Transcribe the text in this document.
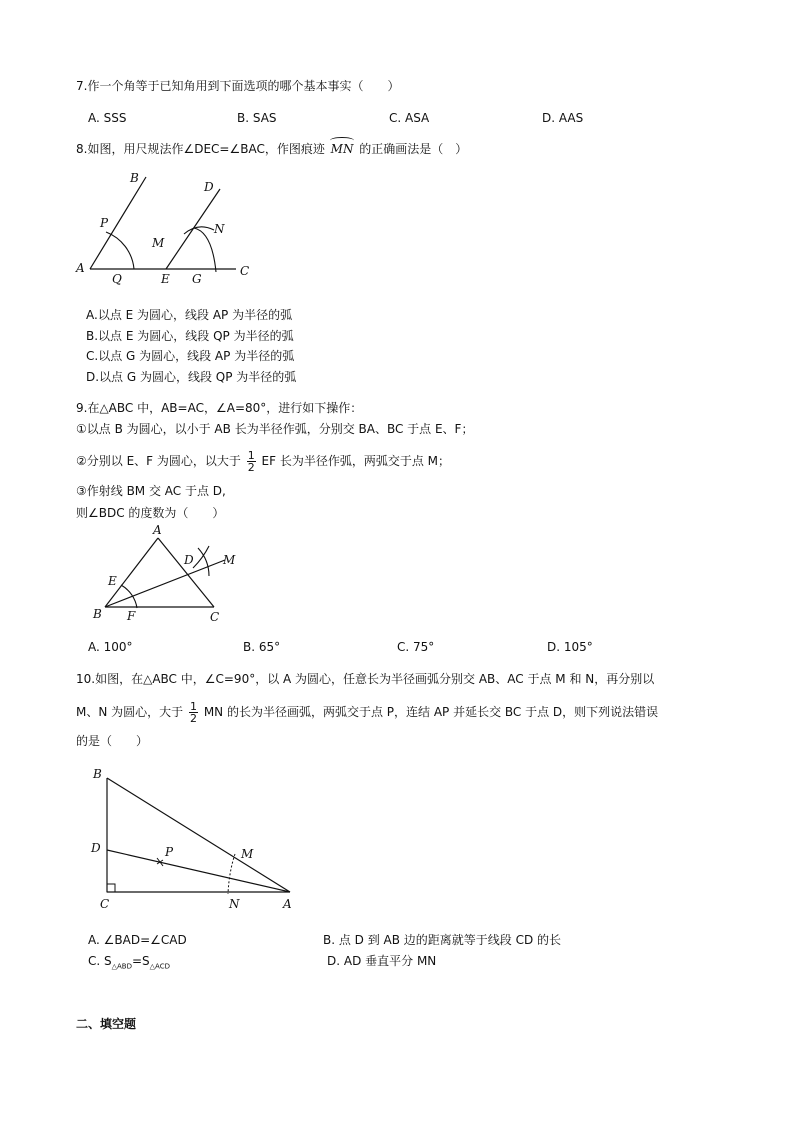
7.作一个角等于已知角用到下面选项的哪个基本事实（　　）
A. SSS	B. SAS	C. ASA	D. AAS
8.如图，用尺规法作∠DEC=∠BAC，作图痕迹 MN 的正确画法是（　）
A
B
C
D
E G
M
N
P
Q
A.以点 E 为圆心，线段 AP 为半径的弧
B.以点 E 为圆心，线段 QP 为半径的弧
C.以点 G 为圆心，线段 AP 为半径的弧
D.以点 G 为圆心，线段 QP 为半径的弧
9.在△ABC 中，AB=AC，∠A=80°，进行如下操作：
①以点 B 为圆心，以小于 AB 长为半径作弧，分别交 BA、BC 于点 E、F；
②分别以 E、F 为圆心，以大于 $\frac{1}{2}$ EF 长为半径作弧，两弧交于点 M；
③作射线 BM 交 AC 于点 D,
则∠BDC 的度数为（　　）
A
B	C
D
E
F
M
A. 100°	B. 65°	C. 75°	D. 105°
10.如图，在△ABC 中，∠C=90°，以 A 为圆心，任意长为半径画弧分别交 AB、AC 于点 M 和 N，再分别以
M、N 为圆心，大于 $\frac{1}{2}$ MN 的长为半径画弧，两弧交于点 P，连结 AP 并延长交 BC 于点 D，则下列说法错误
的是（　　）
A
B
C
D	M
N
P
A. ∠BAD=∠CAD	B. 点 D 到 AB 边的距离就等于线段 CD 的长
C. $S_{\triangle ABD}=S_{\triangle ACD}$	D. AD 垂直平分 MN
二、填空题
